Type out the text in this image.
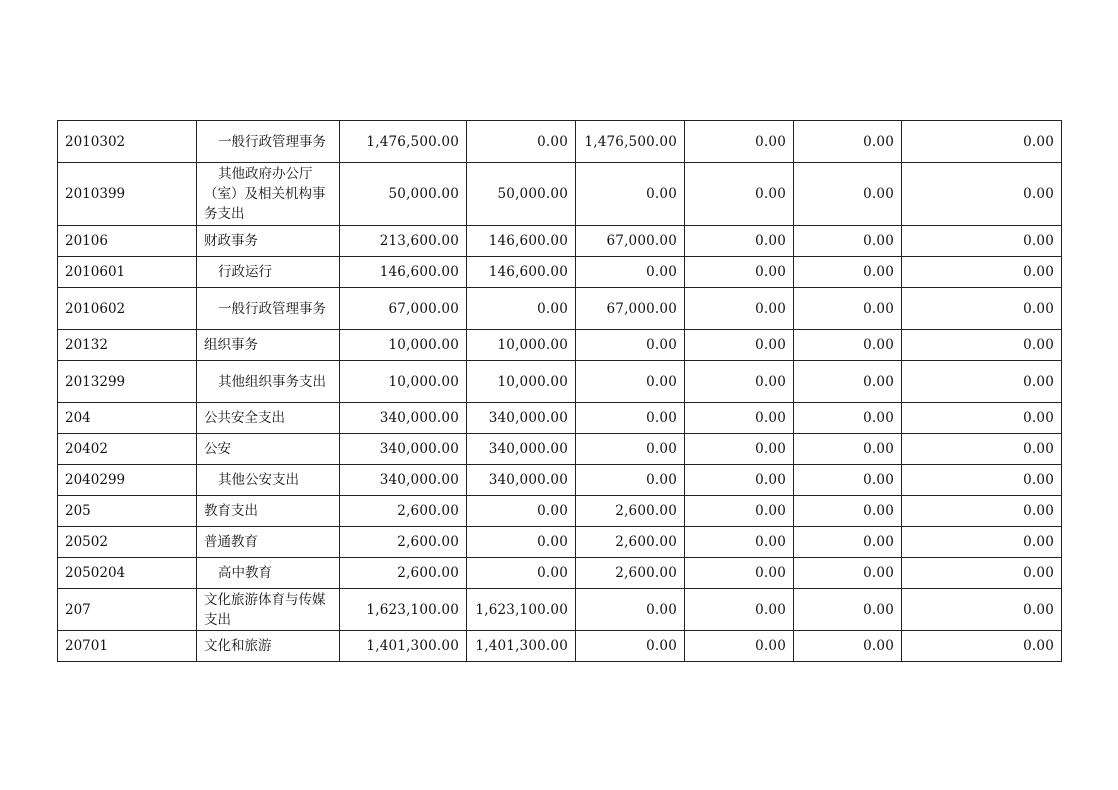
2010302	一般行政管理事务	1,476,500.00	0.00	1,476,500.00	0.00	0.00	0.00
2010399	其他政府办公厅（室）及相关机构事务支出	50,000.00	50,000.00	0.00	0.00	0.00	0.00
20106	财政事务	213,600.00	146,600.00	67,000.00	0.00	0.00	0.00
2010601	行政运行	146,600.00	146,600.00	0.00	0.00	0.00	0.00
2010602	一般行政管理事务	67,000.00	0.00	67,000.00	0.00	0.00	0.00
20132	组织事务	10,000.00	10,000.00	0.00	0.00	0.00	0.00
2013299	其他组织事务支出	10,000.00	10,000.00	0.00	0.00	0.00	0.00
204	公共安全支出	340,000.00	340,000.00	0.00	0.00	0.00	0.00
20402	公安	340,000.00	340,000.00	0.00	0.00	0.00	0.00
2040299	其他公安支出	340,000.00	340,000.00	0.00	0.00	0.00	0.00
205	教育支出	2,600.00	0.00	2,600.00	0.00	0.00	0.00
20502	普通教育	2,600.00	0.00	2,600.00	0.00	0.00	0.00
2050204	高中教育	2,600.00	0.00	2,600.00	0.00	0.00	0.00
207	文化旅游体育与传媒支出	1,623,100.00	1,623,100.00	0.00	0.00	0.00	0.00
20701	文化和旅游	1,401,300.00	1,401,300.00	0.00	0.00	0.00	0.00
